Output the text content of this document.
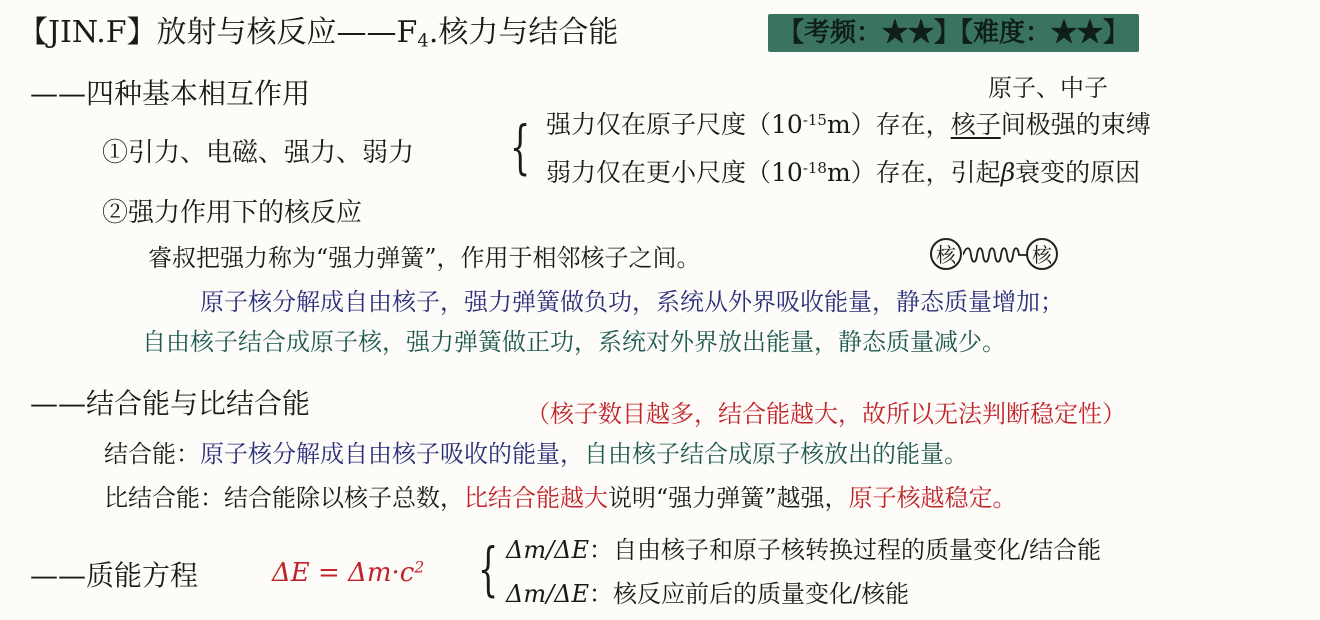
【JIN.F】放射与核反应$——F_4$.核力与结合能	【考频：★★】【难度：★★】
——四种基本相互作用	原子、中子
①引力、电磁、强力、弱力 { 强力仅在原子尺度$(10^{-15}m)$存在，核子间极强的束缚
弱力仅在更小尺度$(10^{-18}m)$存在，引起β衰变的原因
②强力作用下的核反应
睿叔把强力称为“强力弹簧”，作用于相邻核子之间。	核	核
原子核分解成自由核子，强力弹簧做负功，系统从外界吸收能量，静态质量增加；
自由核子结合成原子核，强力弹簧做正功，系统对外界放出能量，静态质量减少。
——结合能与比结合能	（核子数目越多，结合能越大，故所以无法判断稳定性）
结合能：原子核分解成自由核子吸收的能量，自由核子结合成原子核放出的能量。
比结合能：结合能除以核子总数，比结合能越大说明“强力弹簧”越强，原子核越稳定。
——质能方程	$\Delta E = \Delta m\cdot c^2$ { Δm/ΔE：自由核子和原子核转换过程的质量变化/结合能
Δm/ΔE：核反应前后的质量变化/核能
